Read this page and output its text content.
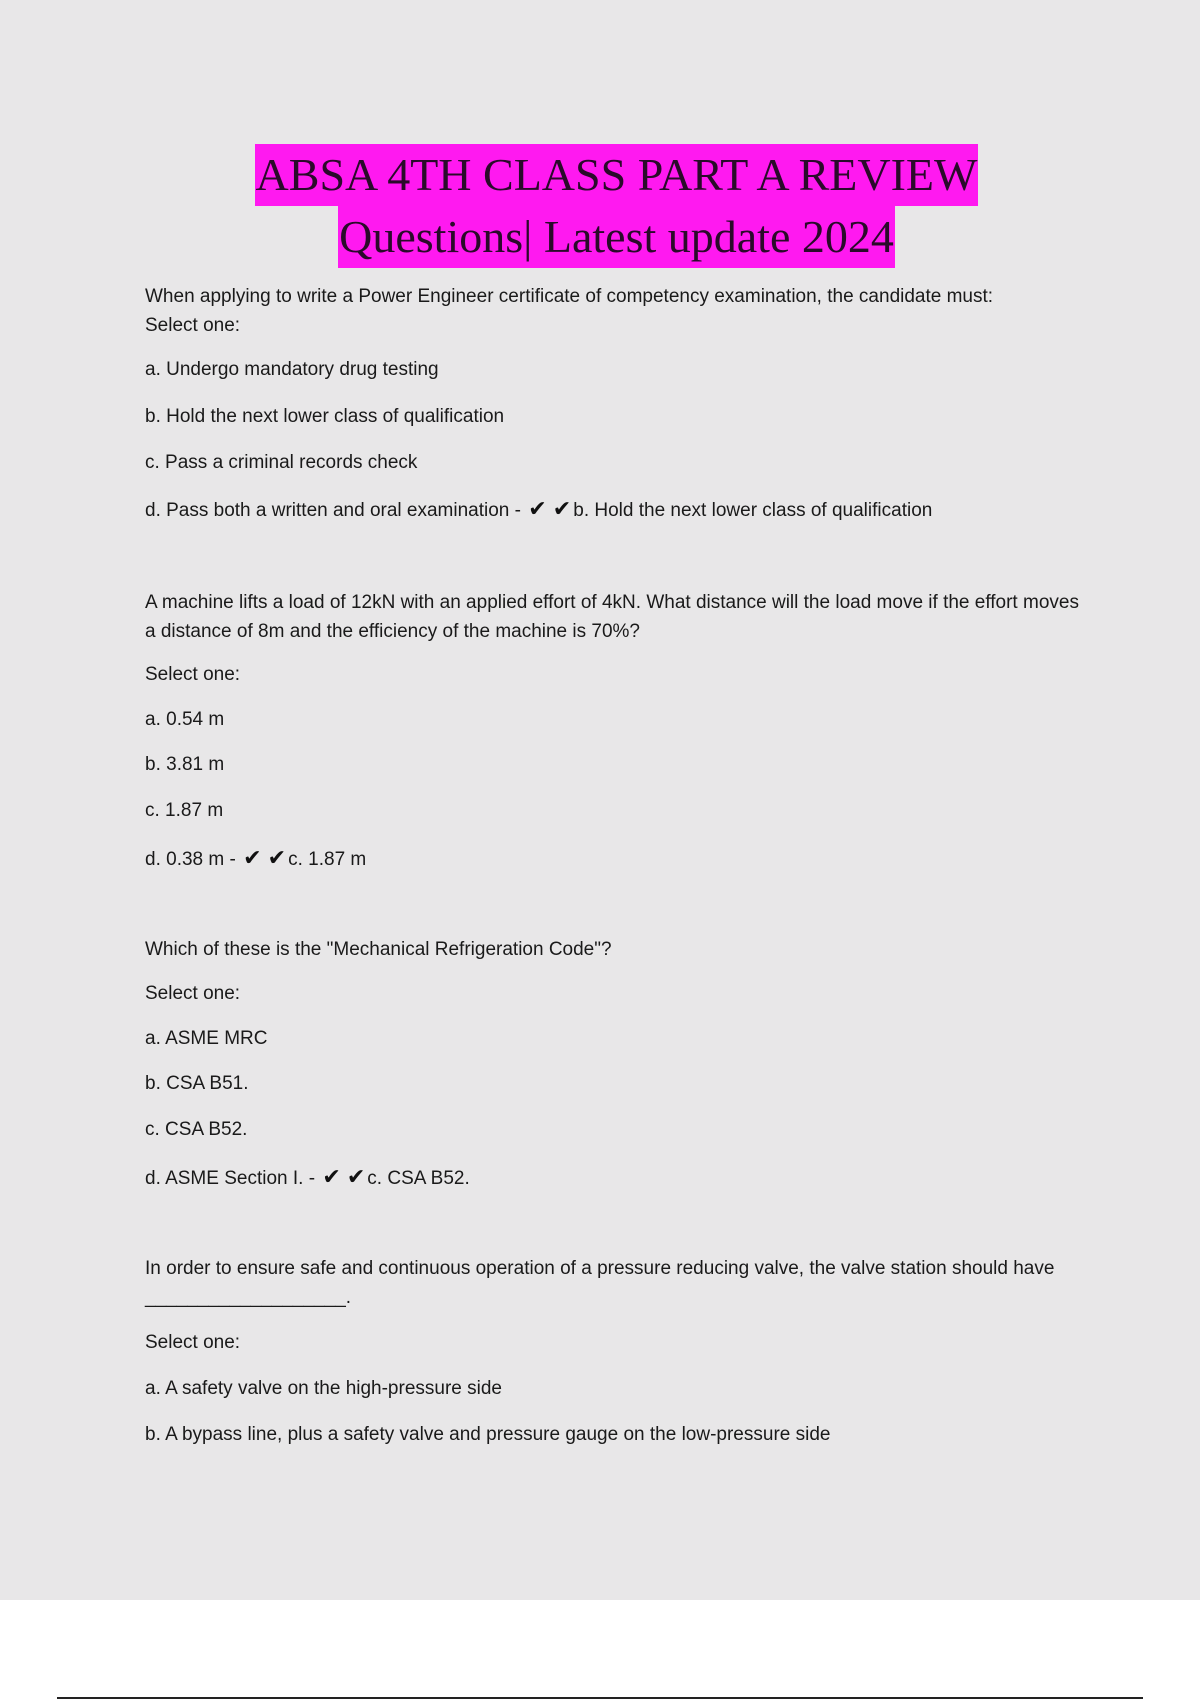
ABSA 4TH CLASS PART A REVIEW
Questions| Latest update 2024

When applying to write a Power Engineer certificate of competency examination, the candidate must:

Select one:

a. Undergo mandatory drug testing

b. Hold the next lower class of qualification

c. Pass a criminal records check

d. Pass both a written and oral examination - ✔ ✔ b. Hold the next lower class of qualification

A machine lifts a load of 12kN with an applied effort of 4kN. What distance will the load move if the effort moves a distance of 8m and the efficiency of the machine is 70%?

Select one:

a. 0.54 m

b. 3.81 m

c. 1.87 m

d. 0.38 m - ✔ ✔ c. 1.87 m

Which of these is the "Mechanical Refrigeration Code"?

Select one:

a. ASME MRC

b. CSA B51.

c. CSA B52.

d. ASME Section I. - ✔ ✔ c. CSA B52.

In order to ensure safe and continuous operation of a pressure reducing valve, the valve station should have ___________________.

Select one:

a. A safety valve on the high-pressure side

b. A bypass line, plus a safety valve and pressure gauge on the low-pressure side
